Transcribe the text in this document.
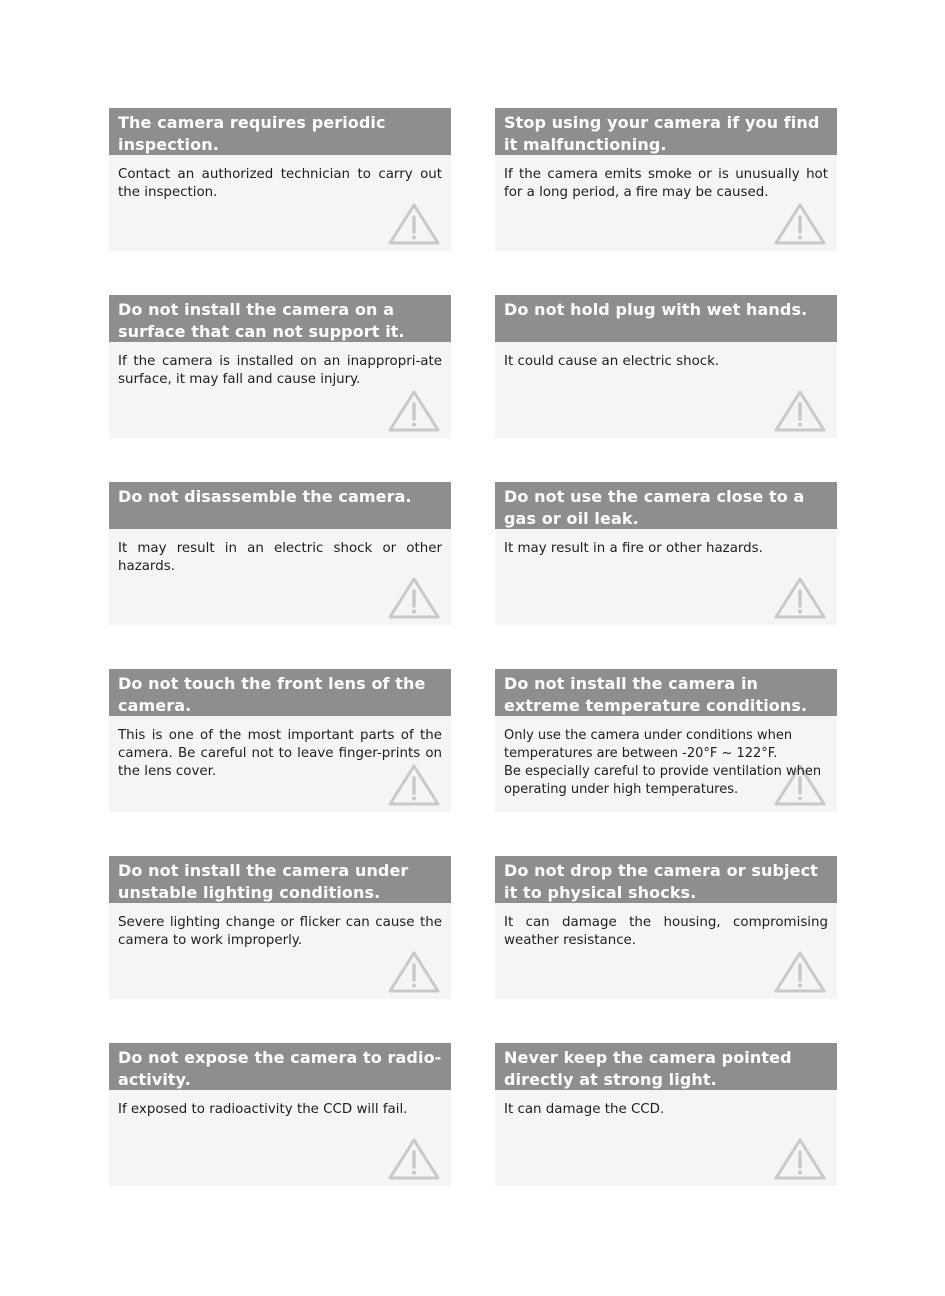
The camera requires periodic inspection.
Contact an authorized technician to carry out the inspection.
Stop using your camera if you find it malfunctioning.
If the camera emits smoke or is unusually hot for a long period, a fire may be caused.
Do not install the camera on a surface that can not support it.
If the camera is installed on an inappropri-ate surface, it may fall and cause injury.
Do not hold plug with wet hands.
It could cause an electric shock.
Do not disassemble the camera.
It may result in an electric shock or other hazards.
Do not use the camera close to a gas or oil leak.
It may result in a fire or other hazards.
Do not touch the front lens of the camera.
This is one of the most important parts of the camera. Be careful not to leave finger-prints on the lens cover.
Do not install the camera in extreme temperature conditions.
Only use the camera under conditions when temperatures are between -20°F ~ 122°F.
Be especially careful to provide ventilation when operating under high temperatures.
Do not install the camera under unstable lighting conditions.
Severe lighting change or flicker can cause the camera to work improperly.
Do not drop the camera or subject it to physical shocks.
It can damage the housing, compromising weather resistance.
Do not expose the camera to radio-activity.
If exposed to radioactivity the CCD will fail.
Never keep the camera pointed directly at strong light.
It can damage the CCD.
